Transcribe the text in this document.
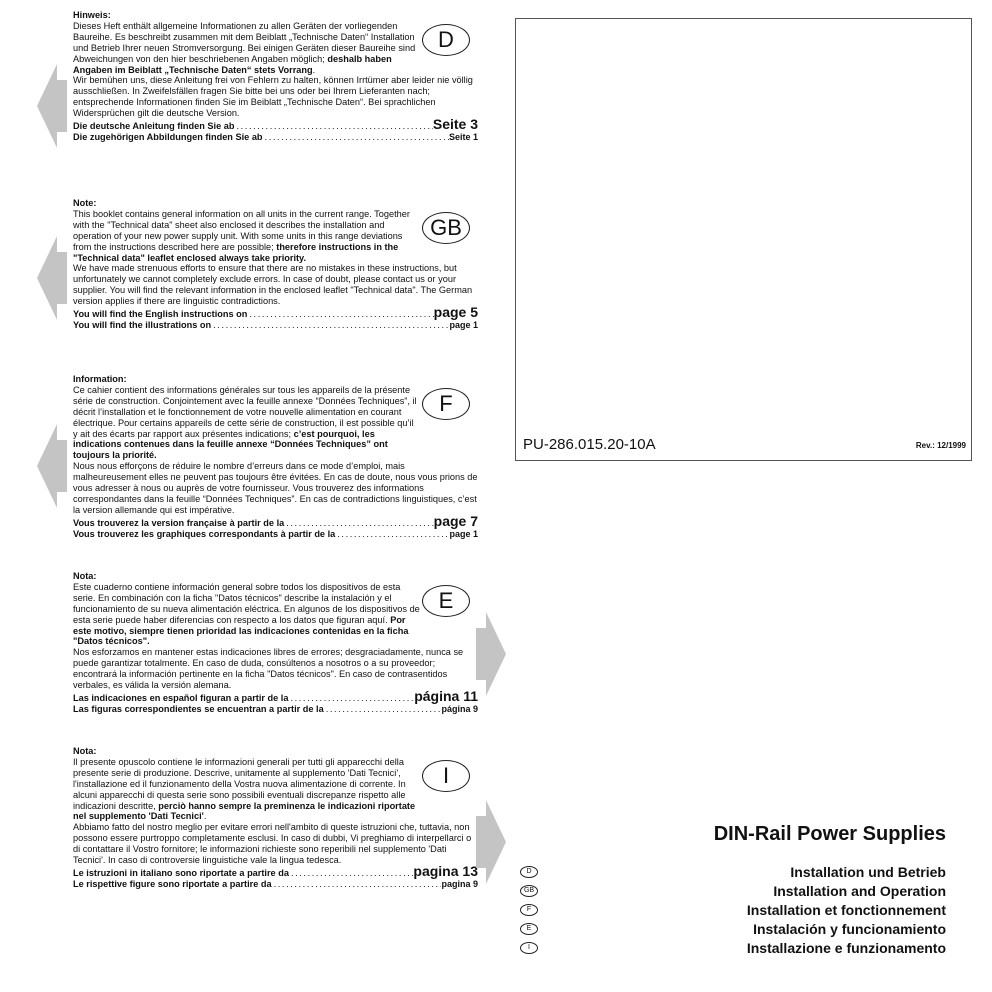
D
Hinweis:

Dieses Heft enthält allgemeine Informationen zu allen Geräten der vorliegenden Baureihe. Es beschreibt zusammen mit dem Beiblatt „Technische Daten“ Installation und Betrieb Ihrer neuen Stromversorgung. Bei einigen Geräten dieser Baureihe sind Abweichungen von den hier beschriebenen Angaben möglich; deshalb haben Angaben im Beiblatt „Technische Daten“ stets Vorrang.

Wir bemühen uns, diese Anleitung frei von Fehlern zu halten, können Irrtümer aber leider nie völlig ausschließen. In Zweifelsfällen fragen Sie bitte bei uns oder bei Ihrem Lieferanten nach; entsprechende Informationen finden Sie im Beiblatt „Technische Daten“. Bei sprachlichen Widersprüchen gilt die deutsche Version.

Die deutsche Anleitung finden Sie ab .....	Seite 3
Die zugehörigen Abbildungen finden Sie ab .....	Seite 1
GB
Note:

This booklet contains general information on all units in the current range. Together with the "Technical data" sheet also enclosed it describes the installation and operation of your new power supply unit. With some units in this range deviations from the instructions described here are possible; therefore instructions in the "Technical data" leaflet enclosed always take priority.

We have made strenuous efforts to ensure that there are no mistakes in these instructions, but unfortunately we cannot completely exclude errors. In case of doubt, please contact us or your supplier. You will find the relevant information in the enclosed leaflet "Technical data". The German version applies if there are linguistic contradictions.

You will find the English instructions on .....	page 5
You will find the illustrations on .....	page 1
F
Information:

Ce cahier contient des informations générales sur tous les appareils de la présente série de construction. Conjointement avec la feuille annexe “Données Techniques”, il décrit l’installation et le fonctionnement de votre nouvelle alimentation en courant électrique. Pour certains appareils de cette série de construction, il est possible qu’il y ait des écarts par rapport aux présentes indications; c’est pourquoi, les indications contenues dans la feuille annexe “Données Techniques” ont toujours la priorité.

Nous nous efforçons de réduire le nombre d’erreurs dans ce mode d’emploi, mais malheureusement elles ne peuvent pas toujours être évitées. En cas de doute, nous vous prions de vous adresser à nous ou auprès de votre fournisseur. Vous trouverez des informations correspondantes dans la feuille “Données Techniques”. En cas de contradictions linguistiques, c’est la version allemande qui est impérative.

Vous trouverez la version française à partir de la .....	page 7
Vous trouverez les graphiques correspondants à partir de la .....	page 1
E
Nota:

Este cuaderno contiene información general sobre todos los dispositivos de esta serie. En combinación con la ficha "Datos técnicos" describe la instalación y el funcionamiento de su nueva alimentación eléctrica. En algunos de los dispositivos de esta serie puede haber diferencias con respecto a los datos que figuran aquí. Por este motivo, siempre tienen prioridad las indicaciones contenidas en la ficha "Datos técnicos".

Nos esforzamos en mantener estas indicaciones libres de errores; desgraciadamente, nunca se puede garantizar totalmente. En caso de duda, consúltenos a nosotros o a su proveedor; encontrará la información pertinente en la ficha "Datos técnicos". En caso de contrasentidos verbales, es válida la versión alemana.

Las indicaciones en español figuran a partir de la .....	página 11
Las figuras correspondientes se encuentran a partir de la .....	página 9
I
Nota:

Il presente opuscolo contiene le informazioni generali per tutti gli apparecchi della presente serie di produzione. Descrive, unitamente al supplemento 'Dati Tecnici', l'installazione ed il funzionamento della Vostra nuova alimentazione di corrente. In alcuni apparecchi di questa serie sono possibili eventuali discrepanze rispetto alle indicazioni descritte, perciò hanno sempre la preminenza le indicazioni riportate nel supplemento 'Dati Tecnici'.

Abbiamo fatto del nostro meglio per evitare errori nell'ambito di queste istruzioni che, tuttavia, non possono essere purtroppo completamente esclusi. In caso di dubbi, Vi preghiamo di interpellarci o di contattare il Vostro fornitore; le informazioni richieste sono reperibili nel supplemento 'Dati Tecnici'. In caso di controversie linguistiche vale la lingua tedesca.

Le istruzioni in italiano sono riportate a partire da .....	pagina 13
Le rispettive figure sono riportate a partire da .....	pagina 9
PU-286.015.20-10A	Rev.: 12/1999
DIN-Rail Power Supplies
D	Installation und Betrieb
GB	Installation and Operation
F	Installation et fonctionnement
E	Instalación y funcionamiento
I	Installazione e funzionamento
